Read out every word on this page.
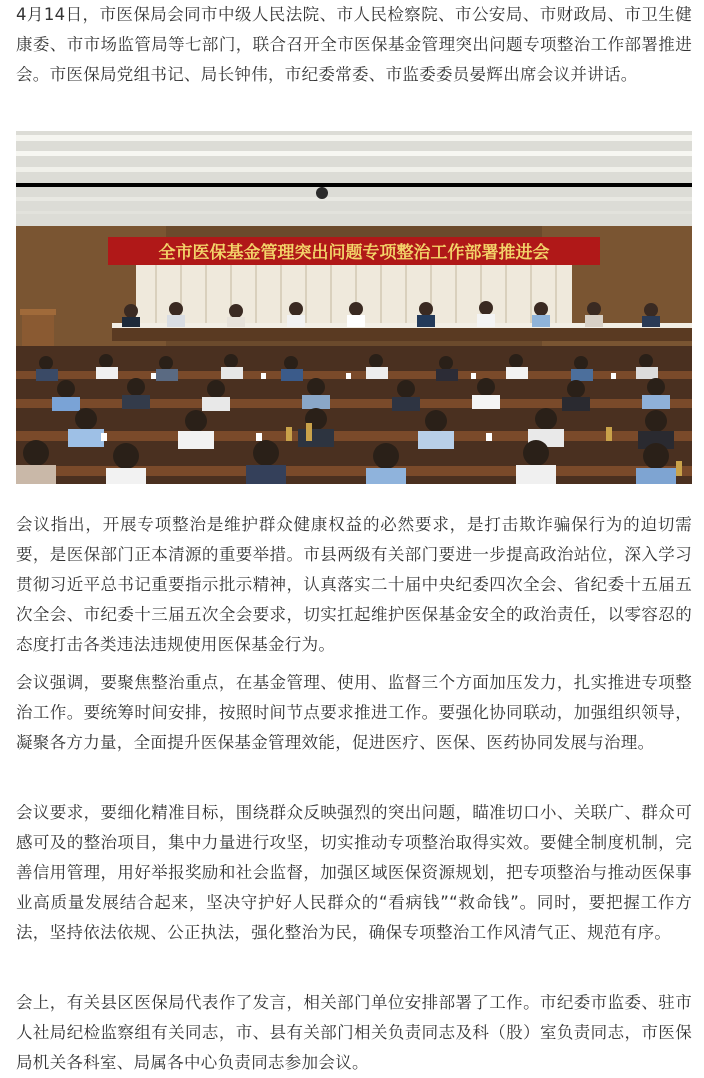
4月14日，市医保局会同市中级人民法院、市人民检察院、市公安局、市财政局、市卫生健康委、市市场监管局等七部门，联合召开全市医保基金管理突出问题专项整治工作部署推进会。市医保局党组书记、局长钟伟，市纪委常委、市监委委员晏辉出席会议并讲话。

全市医保基金管理突出问题专项整治工作部署推进会

会议指出，开展专项整治是维护群众健康权益的必然要求，是打击欺诈骗保行为的迫切需要，是医保部门正本清源的重要举措。市县两级有关部门要进一步提高政治站位，深入学习贯彻习近平总书记重要指示批示精神，认真落实二十届中央纪委四次全会、省纪委十五届五次全会、市纪委十三届五次全会要求，切实扛起维护医保基金安全的政治责任，以零容忍的态度打击各类违法违规使用医保基金行为。

会议强调，要聚焦整治重点，在基金管理、使用、监督三个方面加压发力，扎实推进专项整治工作。要统筹时间安排，按照时间节点要求推进工作。要强化协同联动，加强组织领导，凝聚各方力量，全面提升医保基金管理效能，促进医疗、医保、医药协同发展与治理。

会议要求，要细化精准目标，围绕群众反映强烈的突出问题，瞄准切口小、关联广、群众可感可及的整治项目，集中力量进行攻坚，切实推动专项整治取得实效。要健全制度机制，完善信用管理，用好举报奖励和社会监督，加强区域医保资源规划，把专项整治与推动医保事业高质量发展结合起来，坚决守护好人民群众的“看病钱”“救命钱”。同时，要把握工作方法，坚持依法依规、公正执法，强化整治为民，确保专项整治工作风清气正、规范有序。

会上，有关县区医保局代表作了发言，相关部门单位安排部署了工作。市纪委市监委、驻市人社局纪检监察组有关同志，市、县有关部门相关负责同志及科（股）室负责同志，市医保局机关各科室、局属各中心负责同志参加会议。
